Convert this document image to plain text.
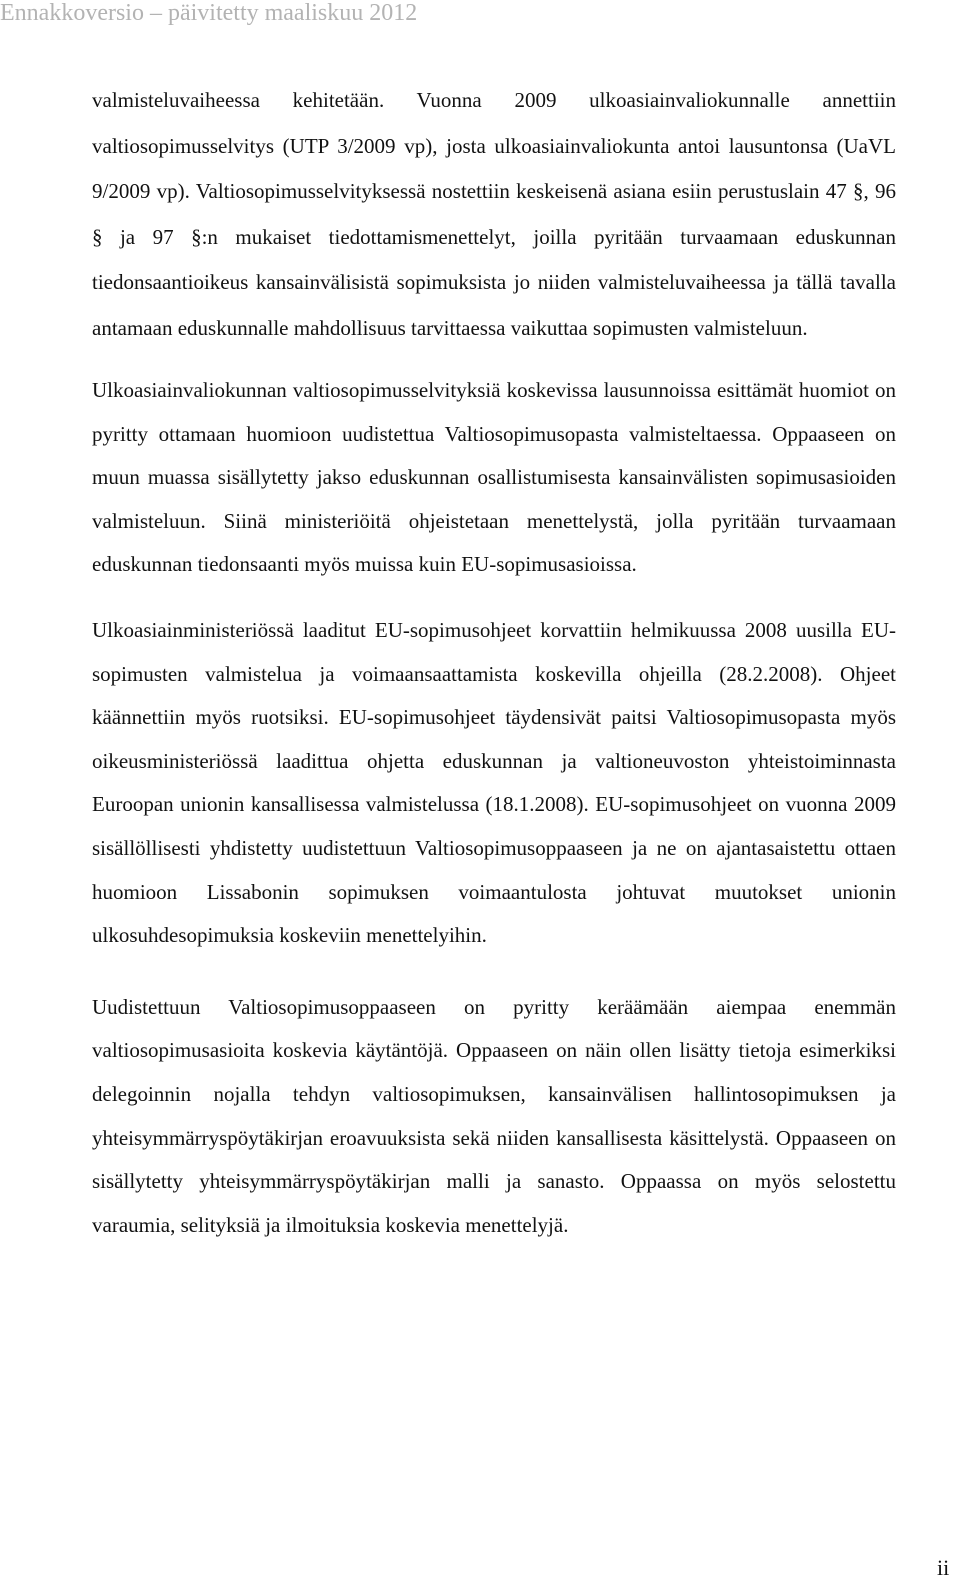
Ennakkoversio – päivitetty maaliskuu 2012

valmisteluvaiheessa kehitetään. Vuonna 2009 ulkoasiainvaliokunnalle annettiin valtiosopimusselvitys (UTP 3/2009 vp), josta ulkoasiainvaliokunta antoi lausuntonsa (UaVL 9/2009 vp). Valtiosopimusselvityksessä nostettiin keskeisenä asiana esiin perustuslain 47 §, 96 § ja 97 §:n mukaiset tiedottamismenettelyt, joilla pyritään turvaamaan eduskunnan tiedonsaantioikeus kansainvälisistä sopimuksista jo niiden valmisteluvaiheessa ja tällä tavalla antamaan eduskunnalle mahdollisuus tarvittaessa vaikuttaa sopimusten valmisteluun.

Ulkoasiainvaliokunnan valtiosopimusselvityksiä koskevissa lausunnoissa esittämät huomiot on pyritty ottamaan huomioon uudistettua Valtiosopimusopasta valmisteltaessa. Oppaaseen on muun muassa sisällytetty jakso eduskunnan osallistumisesta kansainvälisten sopimusasioiden valmisteluun. Siinä ministeriöitä ohjeistetaan menettelystä, jolla pyritään turvaamaan eduskunnan tiedonsaanti myös muissa kuin EU-sopimusasioissa.

Ulkoasiainministeriössä laaditut EU-sopimusohjeet korvattiin helmikuussa 2008 uusilla EU-sopimusten valmistelua ja voimaansaattamista koskevilla ohjeilla (28.2.2008). Ohjeet käännettiin myös ruotsiksi. EU-sopimusohjeet täydensivät paitsi Valtiosopimusopasta myös oikeusministeriössä laadittua ohjetta eduskunnan ja valtioneuvoston yhteistoiminnasta Euroopan unionin kansallisessa valmistelussa (18.1.2008). EU-sopimusohjeet on vuonna 2009 sisällöllisesti yhdistetty uudistettuun Valtiosopimusoppaaseen ja ne on ajantasaistettu ottaen huomioon Lissabonin sopimuksen voimaantulosta johtuvat muutokset unionin ulkosuhdesopimuksia koskeviin menettelyihin.

Uudistettuun Valtiosopimusoppaaseen on pyritty keräämään aiempaa enemmän valtiosopimusasioita koskevia käytäntöjä. Oppaaseen on näin ollen lisätty tietoja esimerkiksi delegoinnin nojalla tehdyn valtiosopimuksen, kansainvälisen hallintosopimuksen ja yhteisymmärryspöytäkirjan eroavuuksista sekä niiden kansallisesta käsittelystä. Oppaaseen on sisällytetty yhteisymmärryspöytäkirjan malli ja sanasto. Oppaassa on myös selostettu varaumia, selityksiä ja ilmoituksia koskevia menettelyjä.

ii
